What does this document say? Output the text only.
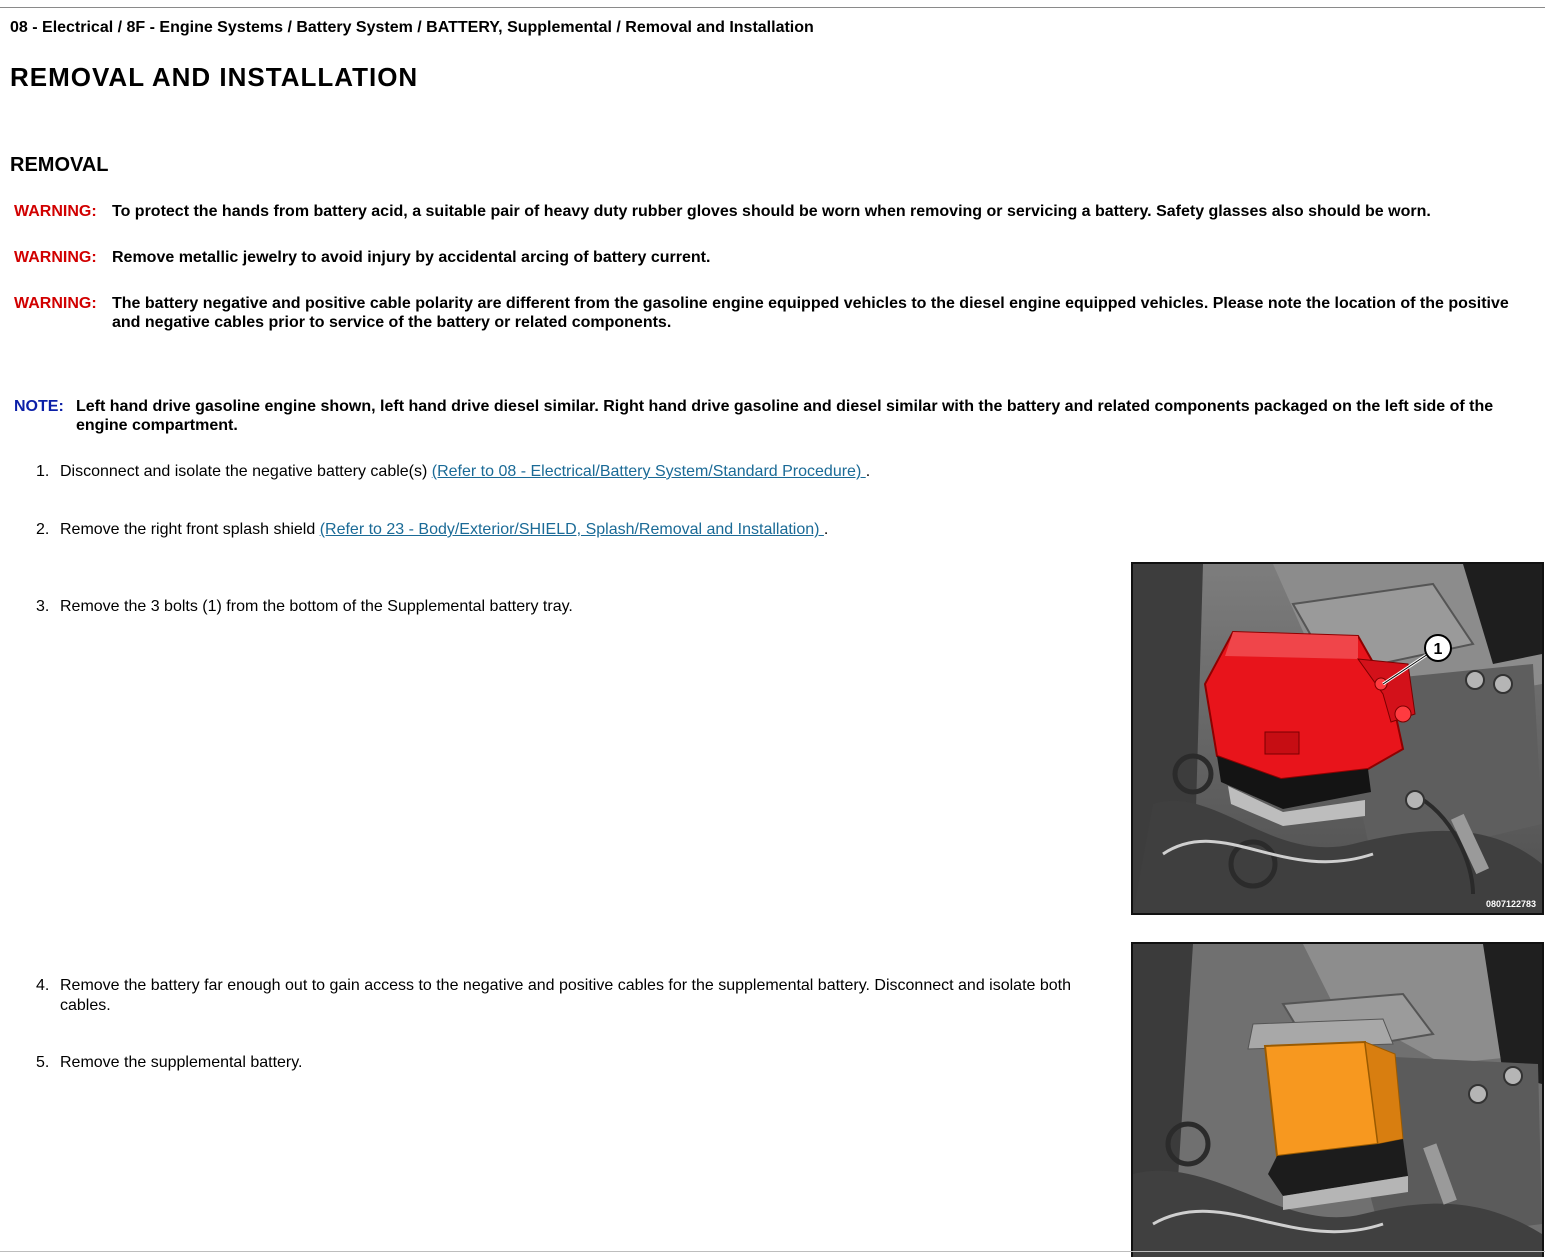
08 - Electrical / 8F - Engine Systems / Battery System / BATTERY, Supplemental / Removal and Installation
REMOVAL AND INSTALLATION
REMOVAL
WARNING: To protect the hands from battery acid, a suitable pair of heavy duty rubber gloves should be worn when removing or servicing a battery. Safety glasses also should be worn.
WARNING: Remove metallic jewelry to avoid injury by accidental arcing of battery current.
WARNING: The battery negative and positive cable polarity are different from the gasoline engine equipped vehicles to the diesel engine equipped vehicles. Please note the location of the positive and negative cables prior to service of the battery or related components.
NOTE: Left hand drive gasoline engine shown, left hand drive diesel similar. Right hand drive gasoline and diesel similar with the battery and related components packaged on the left side of the engine compartment.
1. Disconnect and isolate the negative battery cable(s) (Refer to 08 - Electrical/Battery System/Standard Procedure) .
2. Remove the right front splash shield (Refer to 23 - Body/Exterior/SHIELD, Splash/Removal and Installation) .
3. Remove the 3 bolts (1) from the bottom of the Supplemental battery tray.
4. Remove the battery far enough out to gain access to the negative and positive cables for the supplemental battery. Disconnect and isolate both cables.
5. Remove the supplemental battery.
1
0807122783
